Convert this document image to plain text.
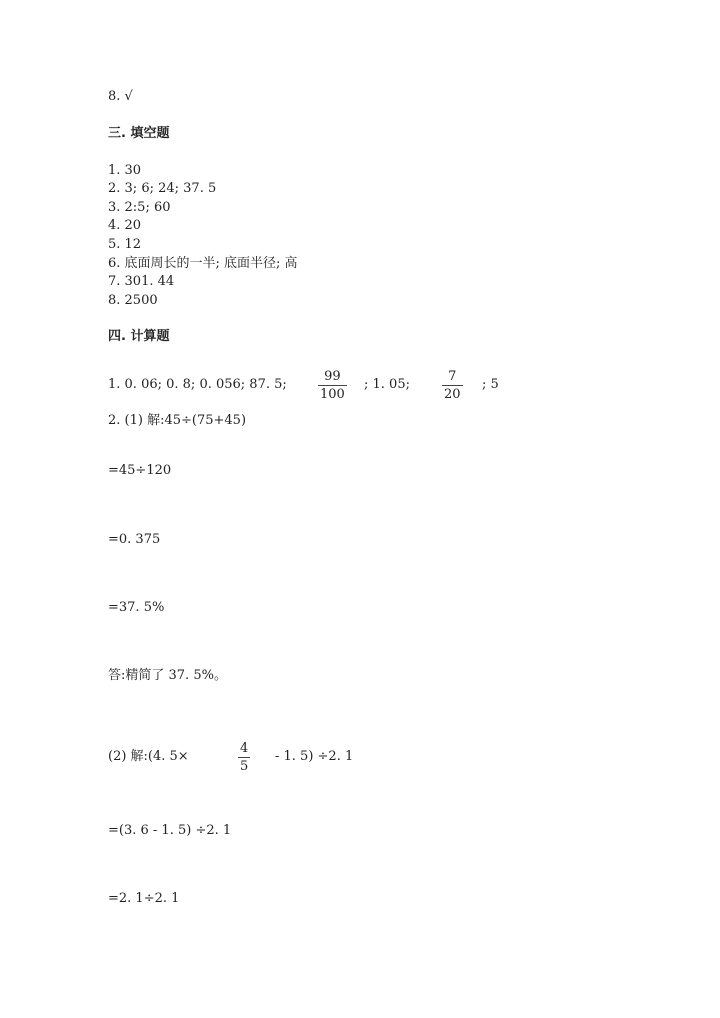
8. √
三. 填空题
1. 30
2. 3; 6; 24; 37. 5
3. 2:5; 60
4. 20
5. 12
6. 底面周长的一半; 底面半径; 高
7. 301. 44
8. 2500
四. 计算题
1. 0. 06; 0. 8; 0. 056; 87. 5;
99
100
; 1. 05;
7
20
; 5
2. (1) 解:45÷(75+45)
=45÷120
=0. 375
=37. 5%
答:精简了 37. 5%。
(2) 解:(4. 5×
4
5
- 1. 5) ÷2. 1
=(3. 6 - 1. 5) ÷2. 1
=2. 1÷2. 1
